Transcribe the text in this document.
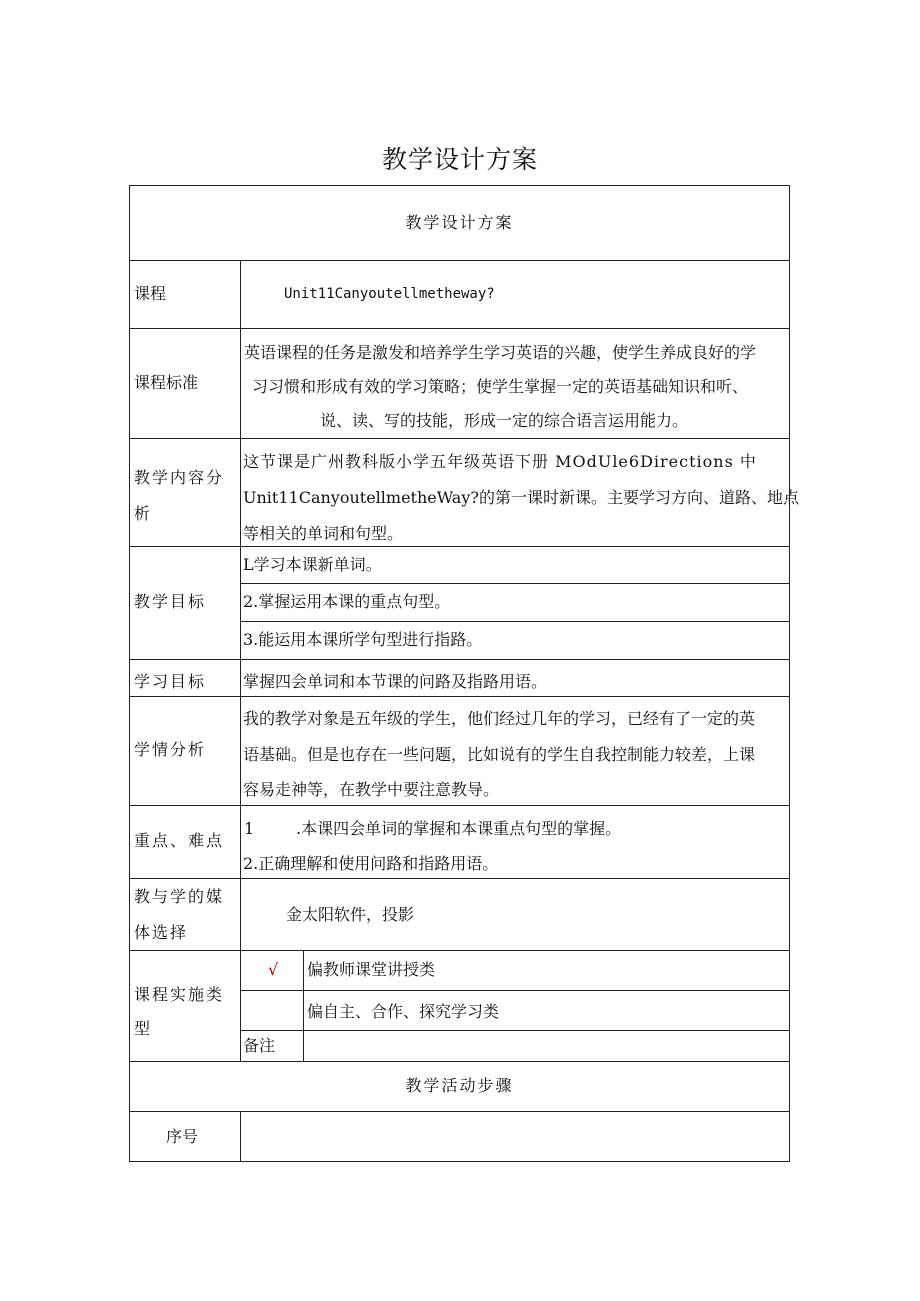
教学设计方案
教学设计方案
课程	Unit11Canyoutellmetheway?
课程标准
英语课程的任务是激发和培养学生学习英语的兴趣，使学生养成良好的学
习习惯和形成有效的学习策略；使学生掌握一定的英语基础知识和听、
说、读、写的技能，形成一定的综合语言运用能力。
教学内容分
析
这节课是广州教科版小学五年级英语下册 MOdUle6Directions 中
Unit11CanyoutellmetheWay?的第一课时新课。主要学习方向、道路、地点
等相关的单词和句型。
教学目标
L学习本课新单词。
2.掌握运用本课的重点句型。
3.能运用本课所学句型进行指路。
学习目标 掌握四会单词和本节课的问路及指路用语。
学情分析
我的教学对象是五年级的学生，他们经过几年的学习，已经有了一定的英
语基础。但是也存在一些问题，比如说有的学生自我控制能力较差，上课
容易走神等，在教学中要注意教导。
重点、难点
1	.本课四会单词的掌握和本课重点句型的掌握。
2.正确理解和使用问路和指路用语。
教与学的媒
体选择
金太阳软件，投影
课程实施类
型
√ 偏教师课堂讲授类
偏自主、合作、探究学习类
备注
教学活动步骤
序号
